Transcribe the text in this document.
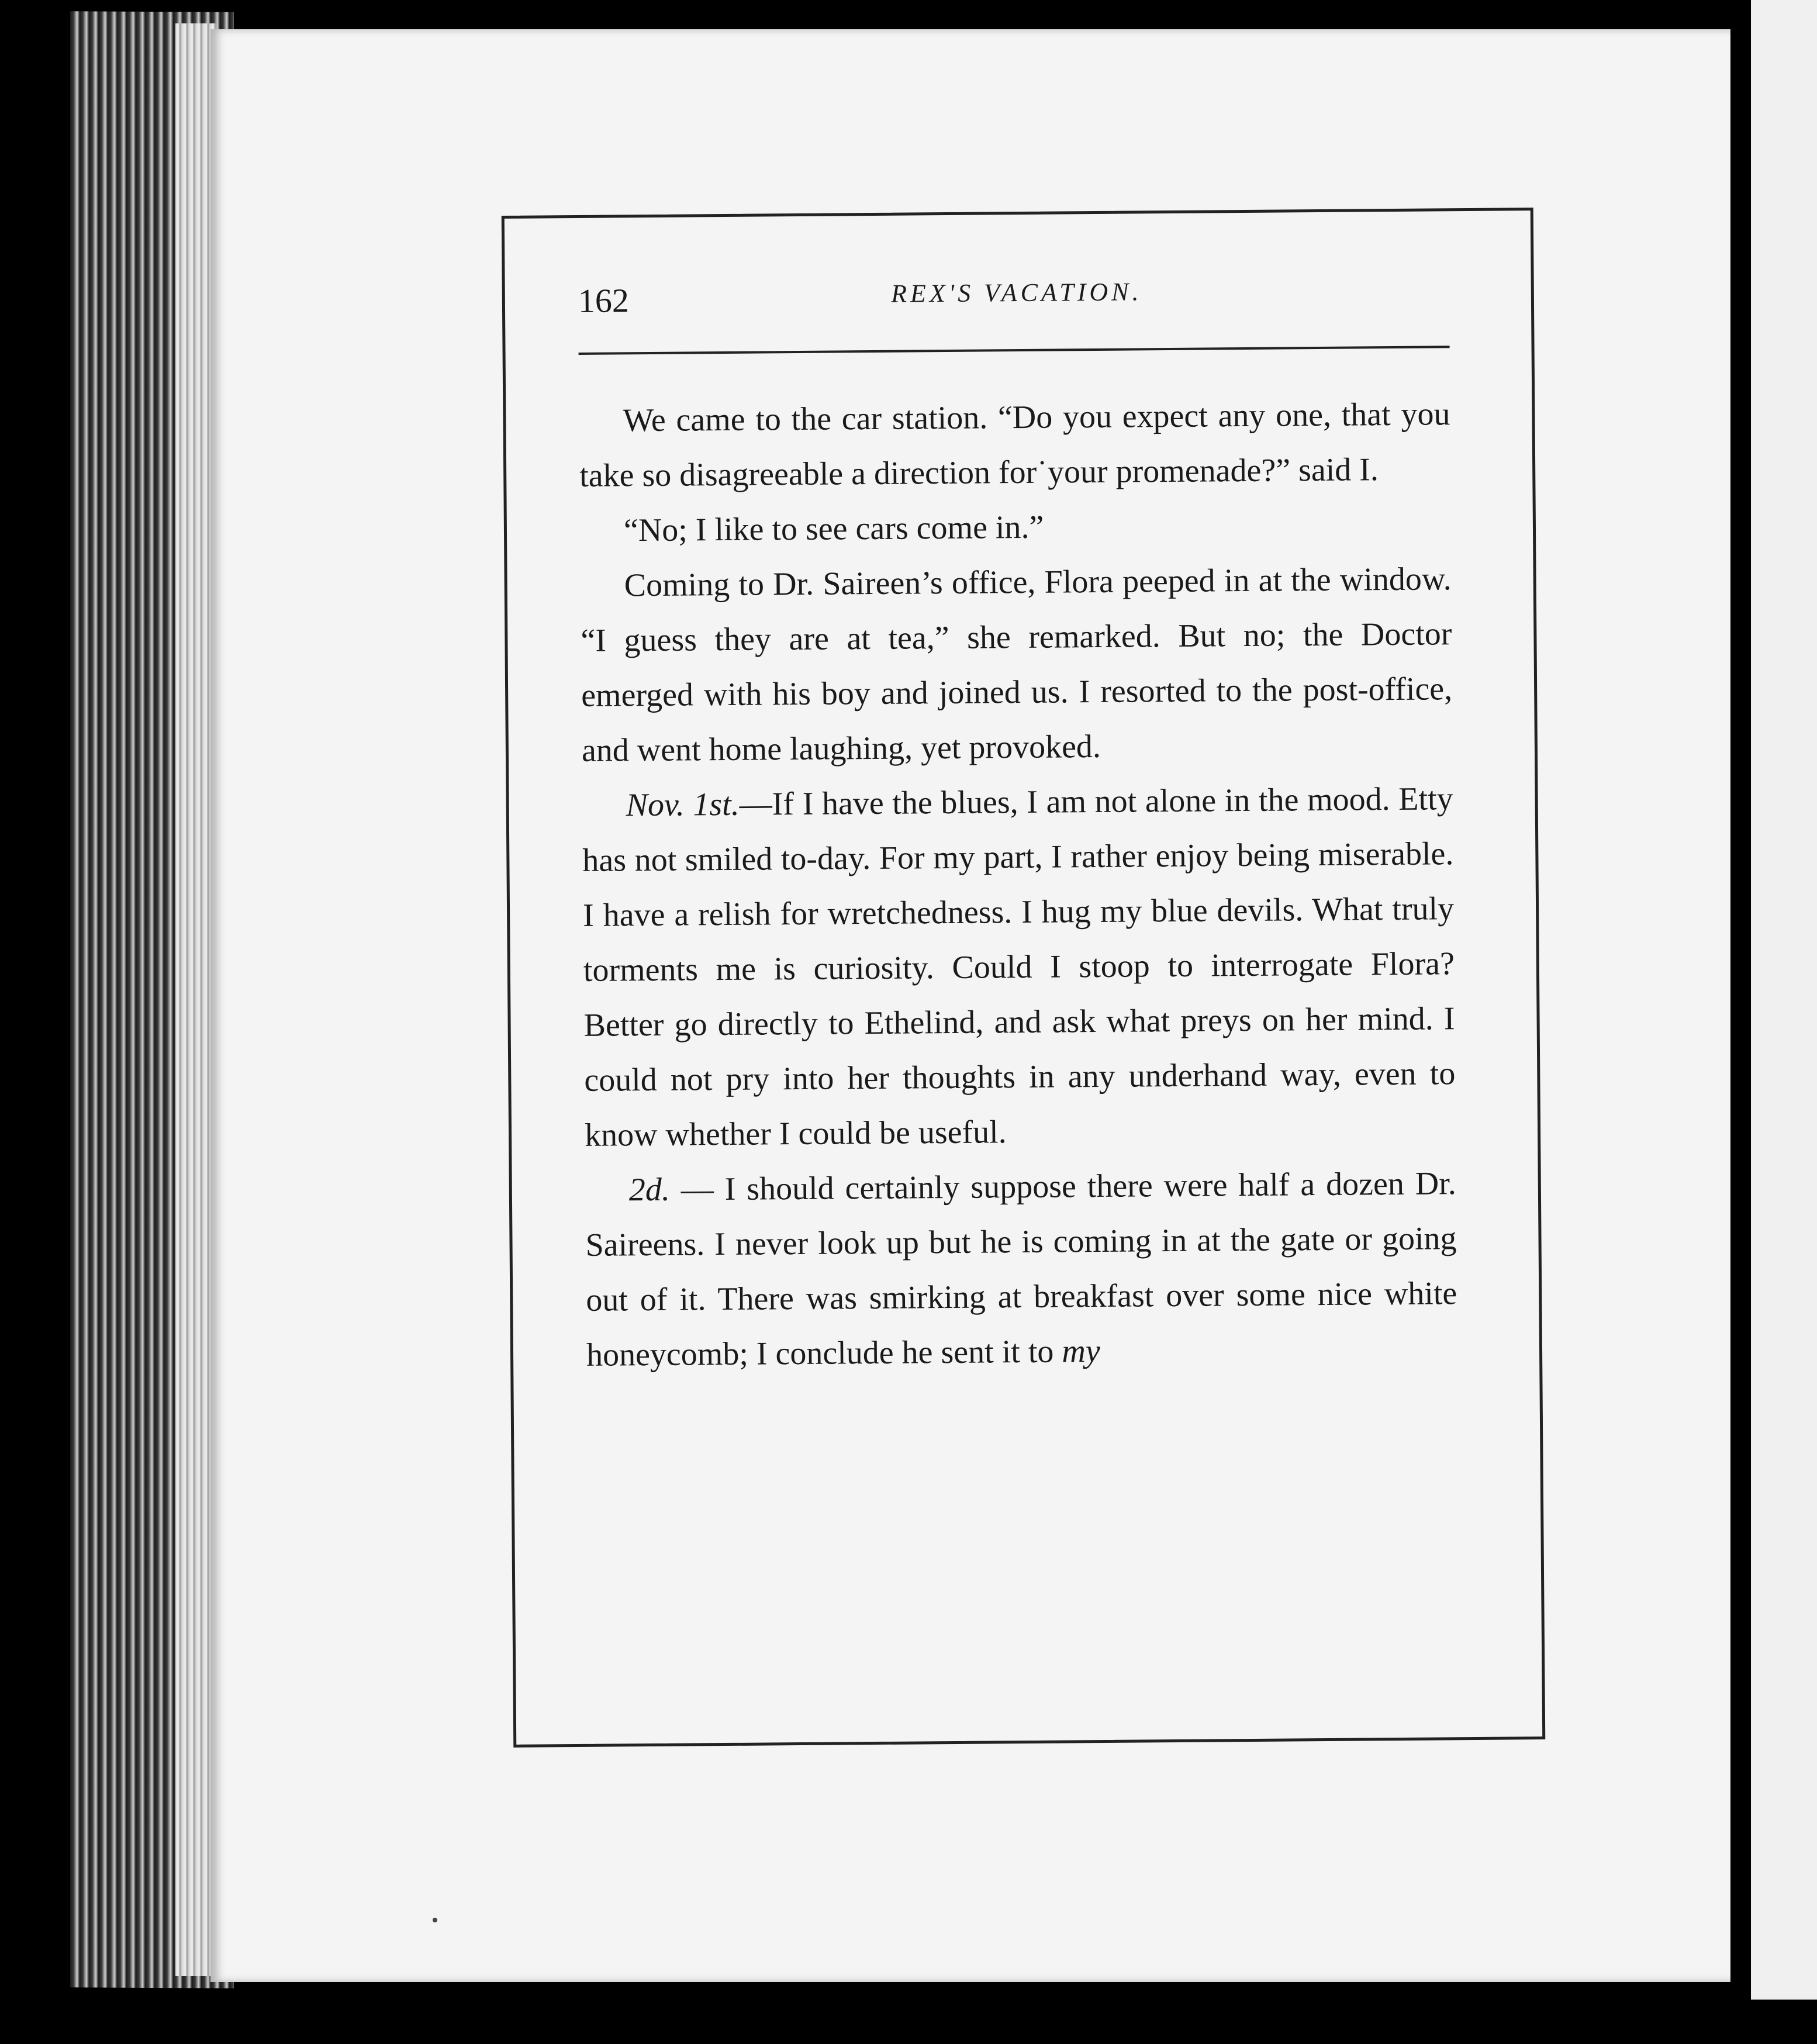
162	REX'S VACATION.

We came to the car station. “Do you expect any one, that you take so disagreeable a direction for˙your promenade?” said I.

“No; I like to see cars come in.”

Coming to Dr. Saireen’s office, Flora peeped in at the window. “I guess they are at tea,” she remarked. But no; the Doctor emerged with his boy and joined us. I resorted to the post-office, and went home laughing, yet provoked.

Nov. 1st.—If I have the blues, I am not alone in the mood. Etty has not smiled to-day. For my part, I rather enjoy being miserable. I have a relish for wretchedness. I hug my blue devils. What truly torments me is curiosity. Could I stoop to interrogate Flora? Better go directly to Ethelind, and ask what preys on her mind. I could not pry into her thoughts in any underhand way, even to know whether I could be useful.

2d. — I should certainly suppose there were half a dozen Dr. Saireens. I never look up but he is coming in at the gate or going out of it. There was smirking at breakfast over some nice white honeycomb; I conclude he sent it to my
